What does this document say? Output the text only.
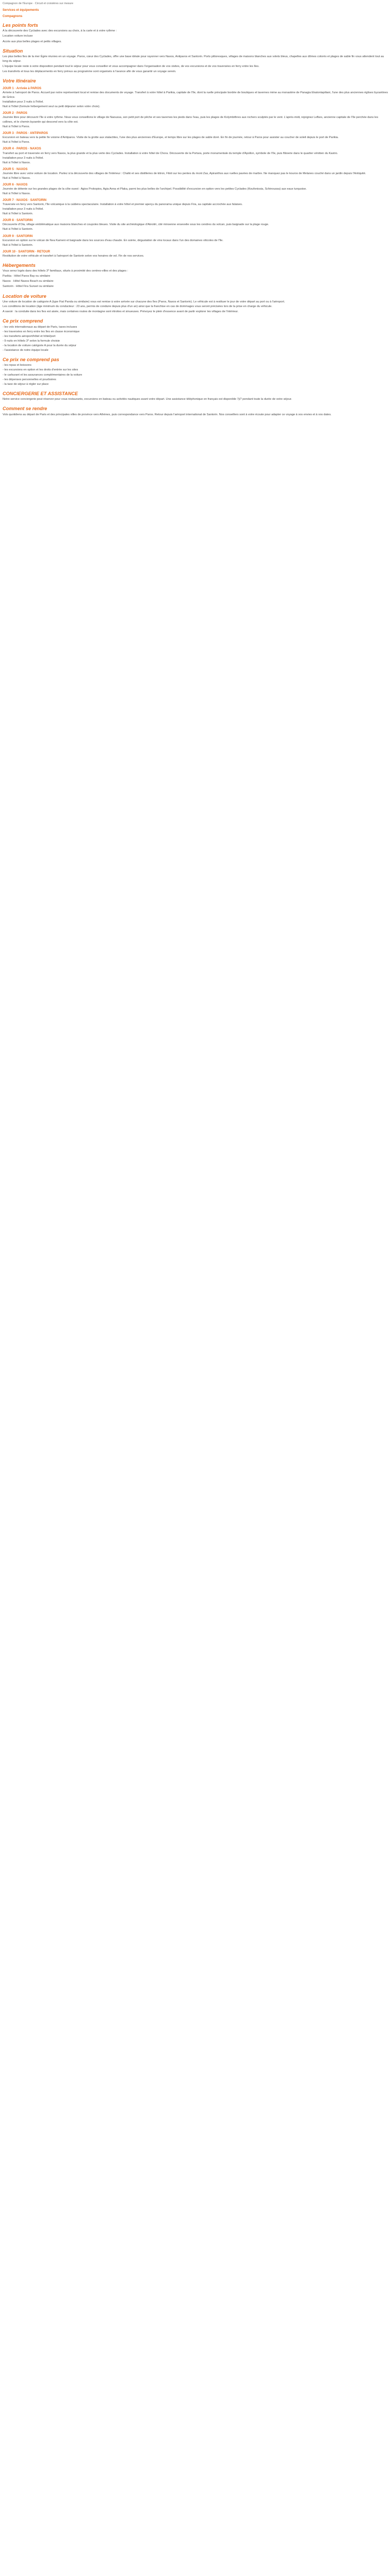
Compagnon de l'Europe · Circuit et croisières sur mesure
Services et équipements
Compagnons
Les points forts

A la découverte des Cyclades avec des excursions au choix, à la carte et à votre rythme :

Location voiture incluse

Accès aux plus belles plages et petits villages.

Situation

Les plus belles îles de la mer Égée réunies en un voyage. Paros, cœur des Cyclades, offre une base idéale pour rayonner vers Naxos, Antiparos et Santorin. Ports pittoresques, villages de maisons blanches aux volets bleus, chapelles aux dômes colorés et plages de sable fin vous attendent tout au long du séjour.

L'équipe locale reste à votre disposition pendant tout le séjour pour vous conseiller et vous accompagner dans l'organisation de vos visites, de vos excursions et de vos traversées en ferry entre les îles.

Les transferts et tous les déplacements en ferry prévus au programme sont organisés à l'avance afin de vous garantir un voyage serein.

Votre itinéraire
JOUR 1 · Arrivée à PAROS

Arrivée à l'aéroport de Paros. Accueil par notre représentant local et remise des documents de voyage. Transfert à votre hôtel à Parikia, capitale de l'île, dont la ruelle principale bordée de boutiques et tavernes mène au monastère de Panagia Ekatontapiliani, l'une des plus anciennes églises byzantines de Grèce.
Installation pour 3 nuits à l'hôtel.
Nuit à l'hôtel (formule hébergement seul ou petit déjeuner selon votre choix).

JOUR 2 · PAROS

Journée libre pour découvrir l'île à votre rythme. Nous vous conseillons le village de Naoussa, son petit port de pêche et ses tavernes les pieds dans l'eau, puis les plages de Kolymbithres aux rochers sculptés par le vent. L'après-midi, rejoignez Lefkes, ancienne capitale de l'île perchée dans les collines, et le chemin byzantin qui descend vers la côte est.
Nuit à l'hôtel à Paros.

JOUR 3 · PAROS · ANTIPAROS

Excursion en bateau vers la petite île voisine d'Antiparos. Visite de la grotte aux stalactites, l'une des plus anciennes d'Europe, et temps libre sur les plages de sable doré. En fin de journée, retour à Paros pour assister au coucher de soleil depuis le port de Parikia.
Nuit à l'hôtel à Paros.

JOUR 4 · PAROS · NAXOS

Transfert au port et traversée en ferry vers Naxos, la plus grande et la plus verte des Cyclades. Installation à votre hôtel de Chora. Découverte de la Portara, porte monumentale du temple d'Apollon, symbole de l'île, puis flânerie dans le quartier vénitien du Kastro.
Installation pour 3 nuits à l'hôtel.
Nuit à l'hôtel à Naxos.

JOUR 5 · NAXOS

Journée libre avec votre voiture de location. Partez à la découverte des villages de l'intérieur : Chalki et ses distilleries de kitron, Filoti sur les pentes du mont Zas, Apiranthos aux ruelles pavées de marbre. Ne manquez pas le kouros de Melanes couché dans un jardin depuis l'Antiquité.
Nuit à l'hôtel à Naxos.

JOUR 6 · NAXOS

Journée de détente sur les grandes plages de la côte ouest : Agios Prokopios, Agia Anna et Plaka, parmi les plus belles de l'archipel. Possibilité d'excursion en option vers les petites Cyclades (Koufonissia, Schinoussa) aux eaux turquoise.
Nuit à l'hôtel à Naxos.

JOUR 7 · NAXOS · SANTORIN

Traversée en ferry vers Santorin, l'île volcanique à la caldeira spectaculaire. Installation à votre hôtel et premier aperçu du panorama unique depuis Fira, sa capitale accrochée aux falaises.
Installation pour 3 nuits à l'hôtel.
Nuit à l'hôtel à Santorin.

JOUR 8 · SANTORIN

Découverte d'Oia, village emblématique aux maisons blanches et coupoles bleues. Visite du site archéologique d'Akrotiri, cité minoenne ensevelie sous les cendres du volcan, puis baignade sur la plage rouge.
Nuit à l'hôtel à Santorin.

JOUR 9 · SANTORIN

Excursion en option sur le volcan de Nea Kameni et baignade dans les sources d'eau chaude. En soirée, dégustation de vins locaux dans l'un des domaines viticoles de l'île.
Nuit à l'hôtel à Santorin.

JOUR 10 · SANTORIN · RETOUR

Restitution de votre véhicule et transfert à l'aéroport de Santorin selon vos horaires de vol. Fin de nos services.

Hébergements

Vous serez logés dans des hôtels 3* familiaux, situés à proximité des centres-villes et des plages :

Parikia · Hôtel Paros Bay ou similaire

Naxos · Hôtel Naxos Beach ou similaire

Santorin · Hôtel Fira Sunset ou similaire

Location de voiture

Une voiture de location de catégorie A (type Fiat Panda ou similaire) vous est remise à votre arrivée sur chacune des îles (Paros, Naxos et Santorin). Le véhicule est à restituer le jour de votre départ au port ou à l'aéroport.
Les conditions de location (âge minimum du conducteur : 23 ans, permis de conduire depuis plus d'un an) ainsi que la franchise en cas de dommages vous seront précisées lors de la prise en charge du véhicule.

A savoir : la conduite dans les îles est aisée, mais certaines routes de montagne sont étroites et sinueuses. Prévoyez le plein d'essence avant de partir explorer les villages de l'intérieur.

Ce prix comprend

- les vols internationaux au départ de Paris, taxes incluses
- les traversées en ferry entre les îles en classe économique
- les transferts aéroport/hôtel et hôtel/port
- 9 nuits en hôtels 3* selon la formule choisie
- la location de voiture catégorie A pour la durée du séjour
- l'assistance de notre équipe locale

Ce prix ne comprend pas

- les repas et boissons
- les excursions en option et les droits d'entrée sur les sites
- le carburant et les assurances complémentaires de la voiture
- les dépenses personnelles et pourboires
- la taxe de séjour à régler sur place

CONCIERGERIE ET ASSISTANCE

Notre service conciergerie peut réserver pour vous restaurants, excursions en bateau ou activités nautiques avant votre départ. Une assistance téléphonique en français est disponible 7j/7 pendant toute la durée de votre séjour.

Comment se rendre

Vols quotidiens au départ de Paris et des principales villes de province vers Athènes, puis correspondance vers Paros. Retour depuis l'aéroport international de Santorin. Nos conseillers sont à votre écoute pour adapter ce voyage à vos envies et à vos dates.
